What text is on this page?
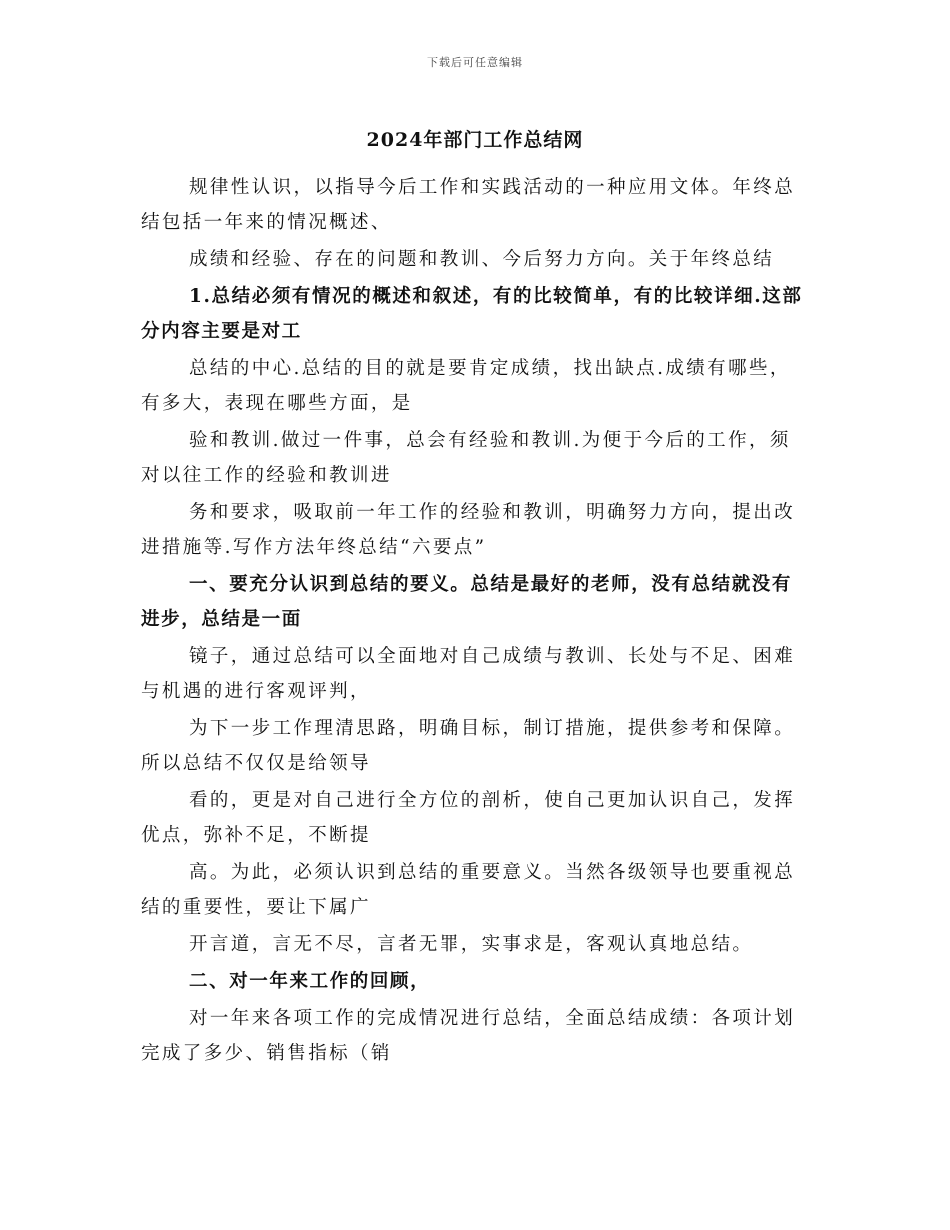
下载后可任意编辑
2024年部门工作总结网

规律性认识，以指导今后工作和实践活动的一种应用文体。年终总结包括一年来的情况概述、

成绩和经验、存在的问题和教训、今后努力方向。关于年终总结

1.总结必须有情况的概述和叙述，有的比较简单，有的比较详细.这部分内容主要是对工

总结的中心.总结的目的就是要肯定成绩，找出缺点.成绩有哪些，有多大，表现在哪些方面，是

验和教训.做过一件事，总会有经验和教训.为便于今后的工作，须对以往工作的经验和教训进

务和要求，吸取前一年工作的经验和教训，明确努力方向，提出改进措施等.写作方法年终总结“六要点”

一、要充分认识到总结的要义。总结是最好的老师，没有总结就没有进步，总结是一面

镜子，通过总结可以全面地对自己成绩与教训、长处与不足、困难与机遇的进行客观评判，

为下一步工作理清思路，明确目标，制订措施，提供参考和保障。所以总结不仅仅是给领导

看的，更是对自己进行全方位的剖析，使自己更加认识自己，发挥优点，弥补不足，不断提

高。为此，必须认识到总结的重要意义。当然各级领导也要重视总结的重要性，要让下属广

开言道，言无不尽，言者无罪，实事求是，客观认真地总结。

二、对一年来工作的回顾，

对一年来各项工作的完成情况进行总结，全面总结成绩：各项计划完成了多少、销售指标（销
